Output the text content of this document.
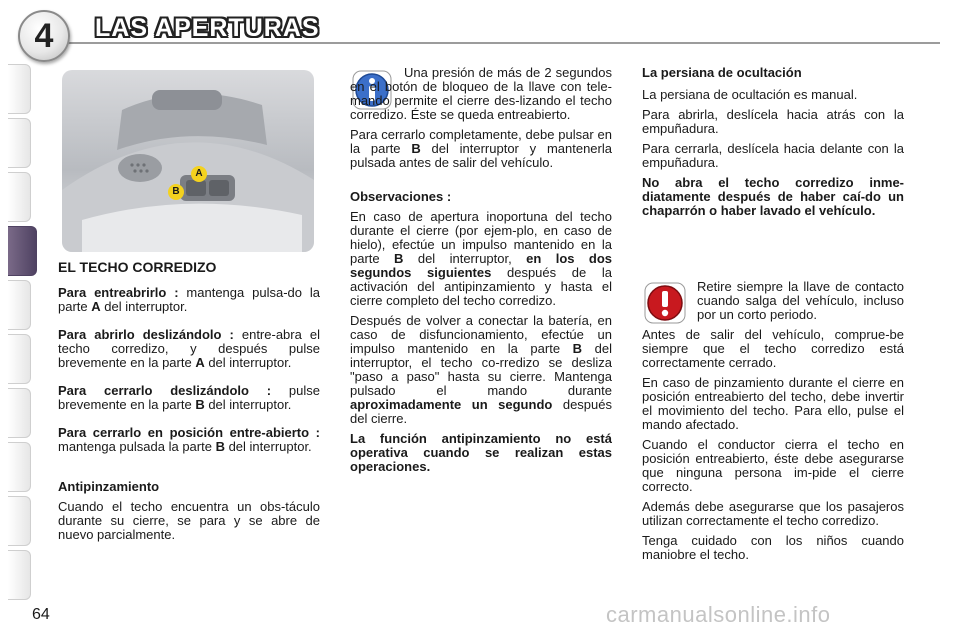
4	LAS APERTURAS
A
B

EL TECHO CORREDIZO

Para entreabrirlo : mantenga pulsa-do la parte A del interruptor.

Para abrirlo deslizándolo : entre-abra el techo corredizo, y después pulse brevemente en la parte A del interruptor.

Para cerrarlo deslizándolo : pulse brevemente en la parte B del interruptor.

Para cerrarlo en posición entre-abierto : mantenga pulsada la parte B del interruptor.

Antipinzamiento

Cuando el techo encuentra un obs-táculo durante su cierre, se para y se abre de nuevo parcialmente.

Una presión de más de 2 segundos en el botón de bloqueo de la llave con tele-mando permite el cierre des-lizando el techo corredizo. Éste se queda entreabierto.

Para cerrarlo completamente, debe pulsar en la parte B del interruptor y mantenerla pulsada antes de salir del vehículo.

Observaciones :

En caso de apertura inoportuna del techo durante el cierre (por ejem-plo, en caso de hielo), efectúe un impulso mantenido en la parte B del interruptor, en los dos segundos siguientes después de la activación del antipinzamiento y hasta el cierre completo del techo corredizo.

Después de volver a conectar la batería, en caso de disfuncionamiento, efectúe un impulso mantenido en la parte B del interruptor, el techo co-rredizo se desliza "paso a paso" hasta su cierre. Mantenga pulsado el mando durante aproximadamente un segundo después del cierre.

La función antipinzamiento no está operativa cuando se realizan estas operaciones.

La persiana de ocultación

La persiana de ocultación es manual.

Para abrirla, deslícela hacia atrás con la empuñadura.

Para cerrarla, deslícela hacia delante con la empuñadura.

No abra el techo corredizo inme-diatamente después de haber caí-do un chaparrón o haber lavado el vehículo.

Retire siempre la llave de contacto cuando salga del vehículo, incluso por un corto periodo.

Antes de salir del vehículo, comprue-be siempre que el techo corredizo está correctamente cerrado.

En caso de pinzamiento durante el cierre en posición entreabierto del techo, debe invertir el movimiento del techo. Para ello, pulse el mando afectado.

Cuando el conductor cierra el techo en posición entreabierto, éste debe asegurarse que ninguna persona im-pide el cierre correcto.

Además debe asegurarse que los pasajeros utilizan correctamente el techo corredizo.

Tenga cuidado con los niños cuando maniobre el techo.

64	carmanualsonline.info
